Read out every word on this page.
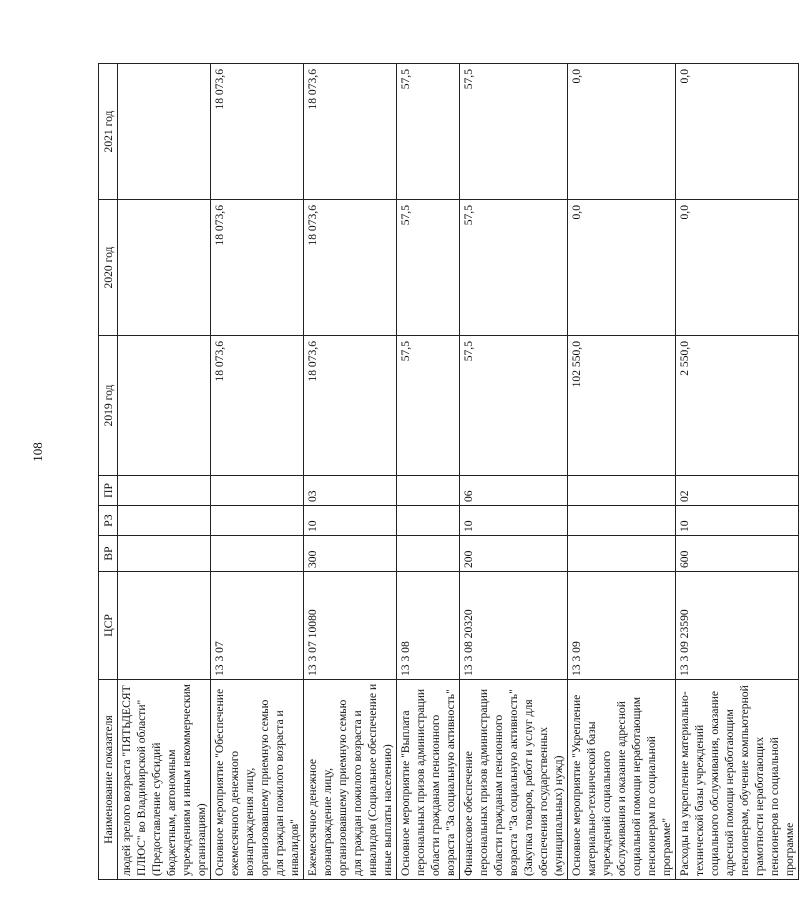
108
Наименование показателя	ЦСР	ВР	РЗ	ПР	2019 год	2020 год	2021 год
людей зрелого возраста "ПЯТЬДЕСЯТ ПЛЮС" во Владимирской области" (Предоставление субсидий бюджетным, автономным учреждениям и иным некоммерческим организациям)							
Основное мероприятие "Обеспечение ежемесячного денежного вознаграждения лицу, организовавшему приемную семью для граждан пожилого возраста и инвалидов"	13 3 07				18 073,6	18 073,6	18 073,6
Ежемесячное денежное вознаграждение лицу, организовавшему приемную семью для граждан пожилого возраста и инвалидов (Социальное обеспечение и иные выплаты населению)	13 3 07 10080	300	10	03	18 073,6	18 073,6	18 073,6
Основное мероприятие "Выплата персональных призов администрации области гражданам пенсионного возраста "За социальную активность"	13 3 08				57,5	57,5	57,5
Финансовое обеспечение персональных призов администрации области гражданам пенсионного возраста "За социальную активность" (Закупка товаров, работ и услуг для обеспечения государственных (муниципальных) нужд)	13 3 08 20320	200	10	06	57,5	57,5	57,5
Основное мероприятие "Укрепление материально-технической базы учреждений социального обслуживания и оказание адресной социальной помощи неработающим пенсионерам по социальной программе"	13 3 09				102 550,0	0,0	0,0
Расходы на укрепление материально-технической базы учреждений социального обслуживания, оказание адресной помощи неработающим пенсионерам, обучение компьютерной грамотности неработающих пенсионеров по социальной программе	13 3 09 23590	600	10	02	2 550,0	0,0	0,0
